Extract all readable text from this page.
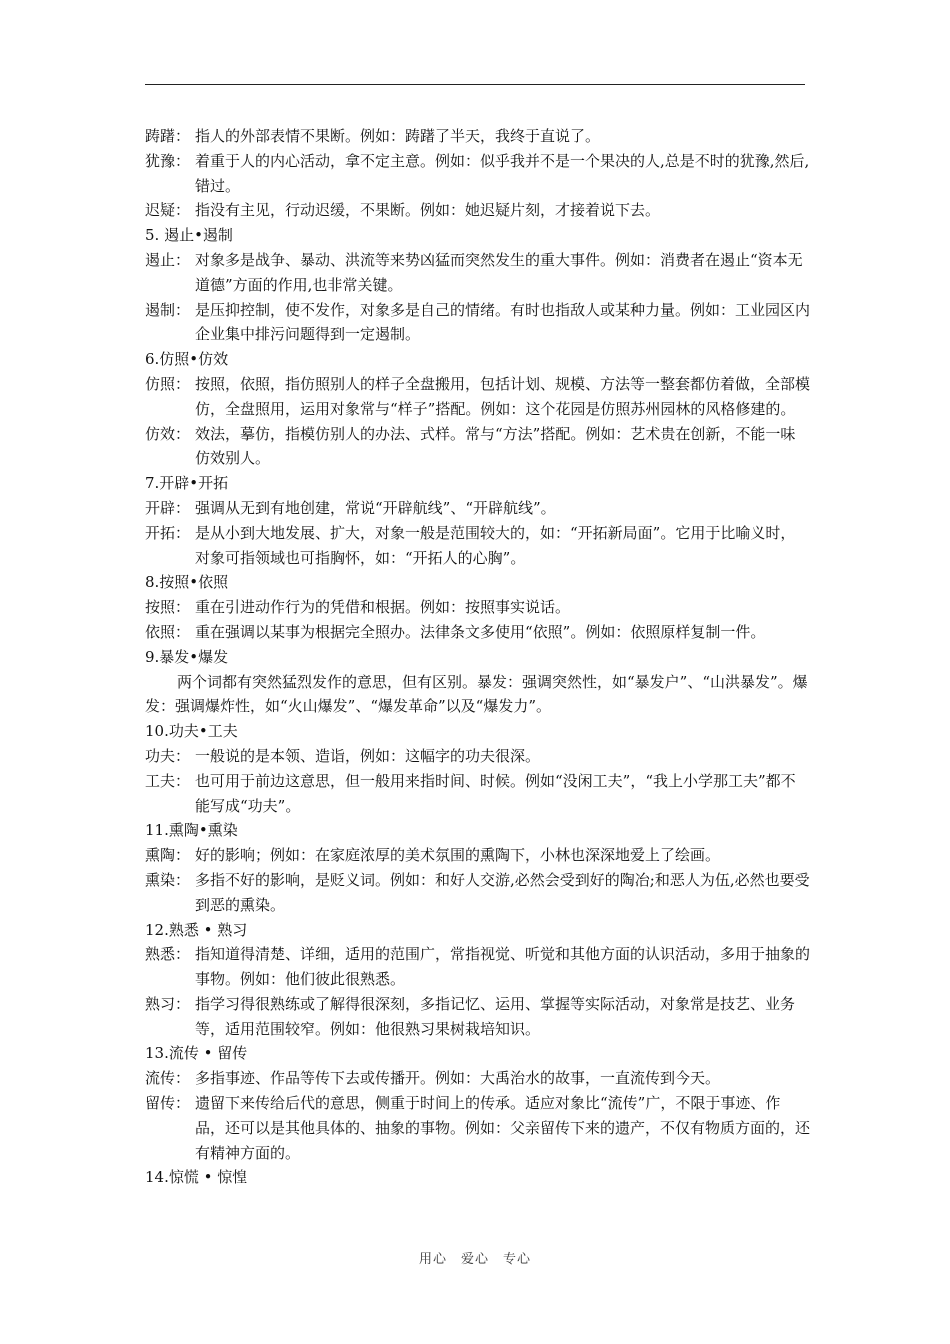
踌躇： 指人的外部表情不果断。例如：踌躇了半天，我终于直说了。
犹豫： 着重于人的内心活动，拿不定主意。例如：似乎我并不是一个果决的人,总是不时的犹豫,然后,错过。
迟疑： 指没有主见，行动迟缓，不果断。例如：她迟疑片刻，才接着说下去。
5. 遏止•遏制
遏止： 对象多是战争、暴动、洪流等来势凶猛而突然发生的重大事件。例如：消费者在遏止“资本无道德”方面的作用,也非常关键。
遏制： 是压抑控制，使不发作，对象多是自己的情绪。有时也指敌人或某种力量。例如：工业园区内企业集中排污问题得到一定遏制。
6.仿照•仿效
仿照： 按照，依照，指仿照别人的样子全盘搬用，包括计划、规模、方法等一整套都仿着做，全部模仿，全盘照用，运用对象常与“样子”搭配。例如：这个花园是仿照苏州园林的风格修建的。
仿效： 效法，摹仿，指模仿别人的办法、式样。常与“方法”搭配。例如：艺术贵在创新，不能一味仿效别人。
7.开辟•开拓
开辟： 强调从无到有地创建，常说“开辟航线”、“开辟航线”。
开拓： 是从小到大地发展、扩大，对象一般是范围较大的，如：“开拓新局面”。它用于比喻义时，对象可指领域也可指胸怀，如：“开拓人的心胸”。
8.按照•依照
按照： 重在引进动作行为的凭借和根据。例如：按照事实说话。
依照： 重在强调以某事为根据完全照办。法律条文多使用“依照”。例如：依照原样复制一件。
9.暴发•爆发
两个词都有突然猛烈发作的意思，但有区别。暴发：强调突然性，如“暴发户”、“山洪暴发”。爆发：强调爆炸性，如“火山爆发”、“爆发革命”以及“爆发力”。
10.功夫•工夫
功夫： 一般说的是本领、造诣，例如：这幅字的功夫很深。
工夫： 也可用于前边这意思，但一般用来指时间、时候。例如“没闲工夫”，“我上小学那工夫”都不能写成“功夫”。
11.熏陶•熏染
熏陶： 好的影响；例如：在家庭浓厚的美术氛围的熏陶下，小林也深深地爱上了绘画。
熏染： 多指不好的影响，是贬义词。例如：和好人交游,必然会受到好的陶冶;和恶人为伍,必然也要受到恶的熏染。
12.熟悉 • 熟习
熟悉： 指知道得清楚、详细，适用的范围广，常指视觉、听觉和其他方面的认识活动，多用于抽象的事物。例如：他们彼此很熟悉。
熟习： 指学习得很熟练或了解得很深刻，多指记忆、运用、掌握等实际活动，对象常是技艺、业务等，适用范围较窄。例如：他很熟习果树栽培知识。
13.流传 • 留传
流传： 多指事迹、作品等传下去或传播开。例如：大禹治水的故事，一直流传到今天。
留传： 遗留下来传给后代的意思，侧重于时间上的传承。适应对象比“流传”广，不限于事迹、作品，还可以是其他具体的、抽象的事物。例如：父亲留传下来的遗产，不仅有物质方面的，还有精神方面的。
14.惊慌 • 惊惶
用心　爱心　专心
